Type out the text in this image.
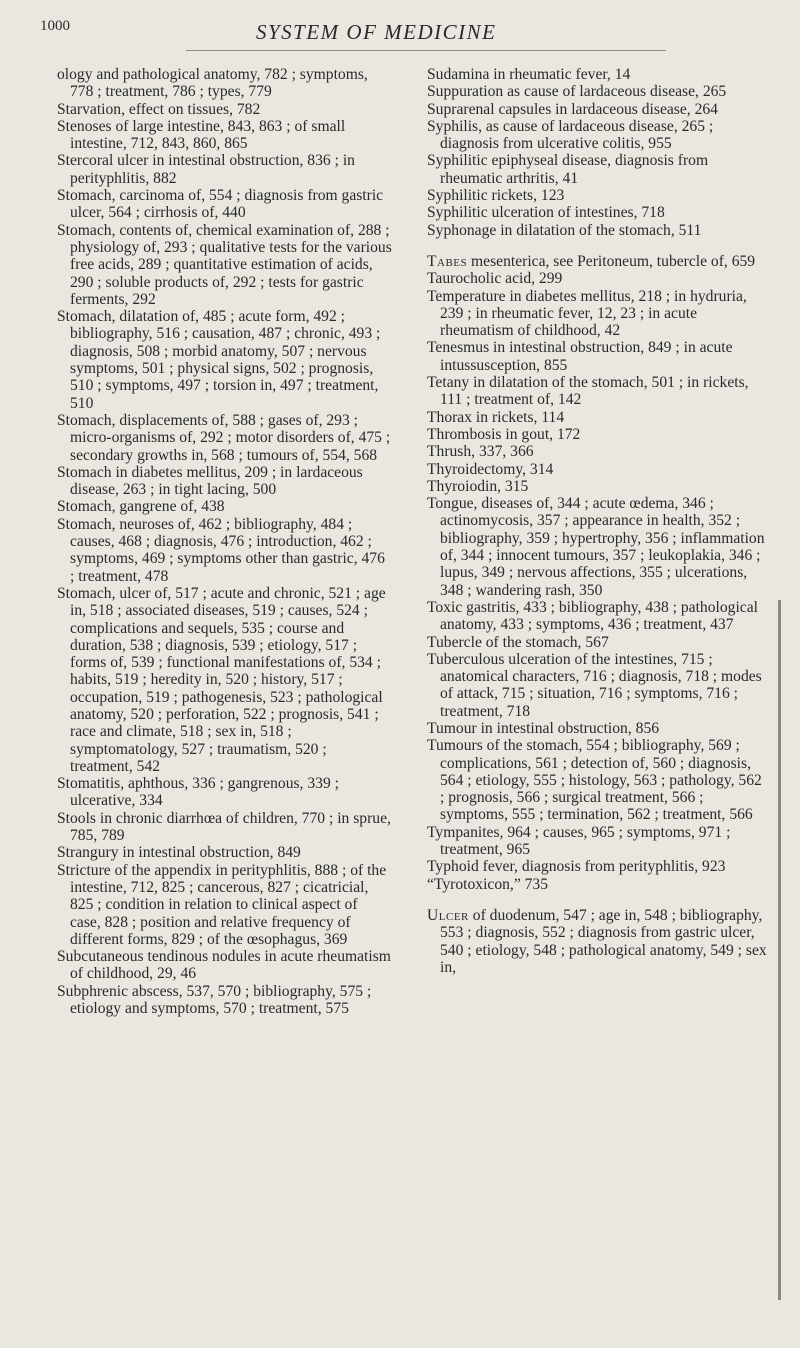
1000	SYSTEM OF MEDICINE
ology and pathological anatomy, 782 ; symptoms, 778 ; treatment, 786 ; types, 779
Starvation, effect on tissues, 782
Stenoses of large intestine, 843, 863 ; of small intestine, 712, 843, 860, 865
Stercoral ulcer in intestinal obstruction, 836 ; in perityphlitis, 882
Stomach, carcinoma of, 554 ; diagnosis from gastric ulcer, 564 ; cirrhosis of, 440
Stomach, contents of, chemical examination of, 288 ; physiology of, 293 ; qualitative tests for the various free acids, 289 ; quantitative estimation of acids, 290 ; soluble products of, 292 ; tests for gastric ferments, 292
Stomach, dilatation of, 485 ; acute form, 492 ; bibliography, 516 ; causation, 487 ; chronic, 493 ; diagnosis, 508 ; morbid anatomy, 507 ; nervous symptoms, 501 ; physical signs, 502 ; prognosis, 510 ; symptoms, 497 ; torsion in, 497 ; treatment, 510
Stomach, displacements of, 588 ; gases of, 293 ; micro-organisms of, 292 ; motor disorders of, 475 ; secondary growths in, 568 ; tumours of, 554, 568
Stomach in diabetes mellitus, 209 ; in lardaceous disease, 263 ; in tight lacing, 500
Stomach, gangrene of, 438
Stomach, neuroses of, 462 ; bibliography, 484 ; causes, 468 ; diagnosis, 476 ; introduction, 462 ; symptoms, 469 ; symptoms other than gastric, 476 ; treatment, 478
Stomach, ulcer of, 517 ; acute and chronic, 521 ; age in, 518 ; associated diseases, 519 ; causes, 524 ; complications and sequels, 535 ; course and duration, 538 ; diagnosis, 539 ; etiology, 517 ; forms of, 539 ; functional manifestations of, 534 ; habits, 519 ; heredity in, 520 ; history, 517 ; occupation, 519 ; pathogenesis, 523 ; pathological anatomy, 520 ; perforation, 522 ; prognosis, 541 ; race and climate, 518 ; sex in, 518 ; symptomatology, 527 ; traumatism, 520 ; treatment, 542
Stomatitis, aphthous, 336 ; gangrenous, 339 ; ulcerative, 334
Stools in chronic diarrhœa of children, 770 ; in sprue, 785, 789
Strangury in intestinal obstruction, 849
Stricture of the appendix in perityphlitis, 888 ; of the intestine, 712, 825 ; cancerous, 827 ; cicatricial, 825 ; condition in relation to clinical aspect of case, 828 ; position and relative frequency of different forms, 829 ; of the œsophagus, 369
Subcutaneous tendinous nodules in acute rheumatism of childhood, 29, 46
Subphrenic abscess, 537, 570 ; bibliography, 575 ; etiology and symptoms, 570 ; treatment, 575
Sudamina in rheumatic fever, 14
Suppuration as cause of lardaceous disease, 265
Suprarenal capsules in lardaceous disease, 264
Syphilis, as cause of lardaceous disease, 265 ; diagnosis from ulcerative colitis, 955
Syphilitic epiphyseal disease, diagnosis from rheumatic arthritis, 41
Syphilitic rickets, 123
Syphilitic ulceration of intestines, 718
Syphonage in dilatation of the stomach, 511
Tabes mesenterica, see Peritoneum, tubercle of, 659
Taurocholic acid, 299
Temperature in diabetes mellitus, 218 ; in hydruria, 239 ; in rheumatic fever, 12, 23 ; in acute rheumatism of childhood, 42
Tenesmus in intestinal obstruction, 849 ; in acute intussusception, 855
Tetany in dilatation of the stomach, 501 ; in rickets, 111 ; treatment of, 142
Thorax in rickets, 114
Thrombosis in gout, 172
Thrush, 337, 366
Thyroidectomy, 314
Thyroiodin, 315
Tongue, diseases of, 344 ; acute œdema, 346 ; actinomycosis, 357 ; appearance in health, 352 ; bibliography, 359 ; hypertrophy, 356 ; inflammation of, 344 ; innocent tumours, 357 ; leukoplakia, 346 ; lupus, 349 ; nervous affections, 355 ; ulcerations, 348 ; wandering rash, 350
Toxic gastritis, 433 ; bibliography, 438 ; pathological anatomy, 433 ; symptoms, 436 ; treatment, 437
Tubercle of the stomach, 567
Tuberculous ulceration of the intestines, 715 ; anatomical characters, 716 ; diagnosis, 718 ; modes of attack, 715 ; situation, 716 ; symptoms, 716 ; treatment, 718
Tumour in intestinal obstruction, 856
Tumours of the stomach, 554 ; bibliography, 569 ; complications, 561 ; detection of, 560 ; diagnosis, 564 ; etiology, 555 ; histology, 563 ; pathology, 562 ; prognosis, 566 ; surgical treatment, 566 ; symptoms, 555 ; termination, 562 ; treatment, 566
Tympanites, 964 ; causes, 965 ; symptoms, 971 ; treatment, 965
Typhoid fever, diagnosis from perityphlitis, 923
“Tyrotoxicon,” 735
Ulcer of duodenum, 547 ; age in, 548 ; bibliography, 553 ; diagnosis, 552 ; diagnosis from gastric ulcer, 540 ; etiology, 548 ; pathological anatomy, 549 ; sex in,
